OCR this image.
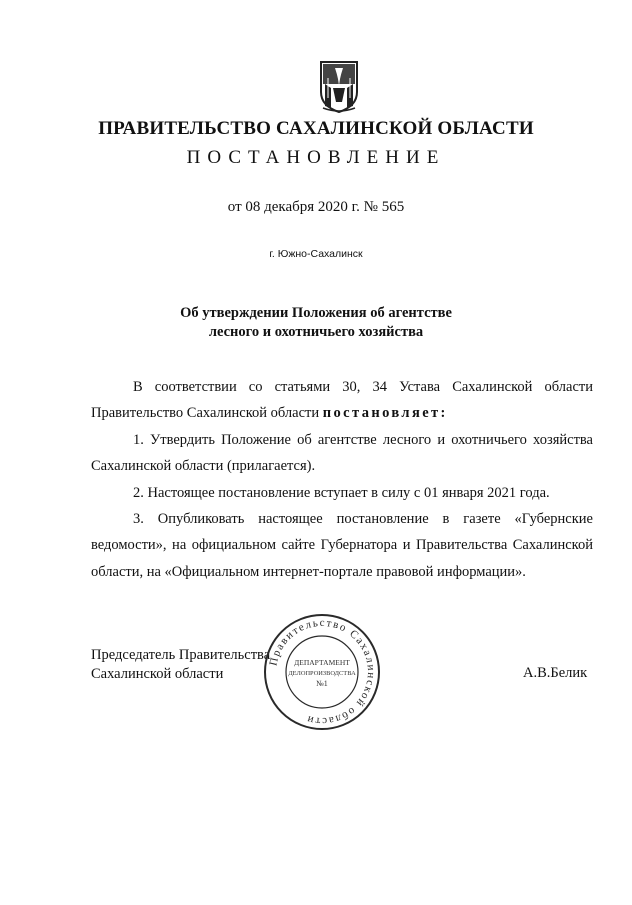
ПРАВИТЕЛЬСТВО САХАЛИНСКОЙ ОБЛАСТИ
ПОСТАНОВЛЕНИЕ
от 08 декабря 2020 г. № 565
г. Южно-Сахалинск
Об утверждении Положения об агентстве
лесного и охотничьего хозяйства

В соответствии со статьями 30, 34 Устава Сахалинской области Правительство Сахалинской области постановляет:

1. Утвердить Положение об агентстве лесного и охотничьего хозяйства Сахалинской области (прилагается).

2. Настоящее постановление вступает в силу с 01 января 2021 года.

3. Опубликовать настоящее постановление в газете «Губернские ведомости», на официальном сайте Губернатора и Правительства Сахалинской области, на «Официальном интернет-портале правовой информации».

Председатель Правительства
Сахалинской области
Правительство Сахалинской области
ДЕПАРТАМЕНТ
ДЕЛОПРОИЗВОДСТВА
№1
А.В.Белик
